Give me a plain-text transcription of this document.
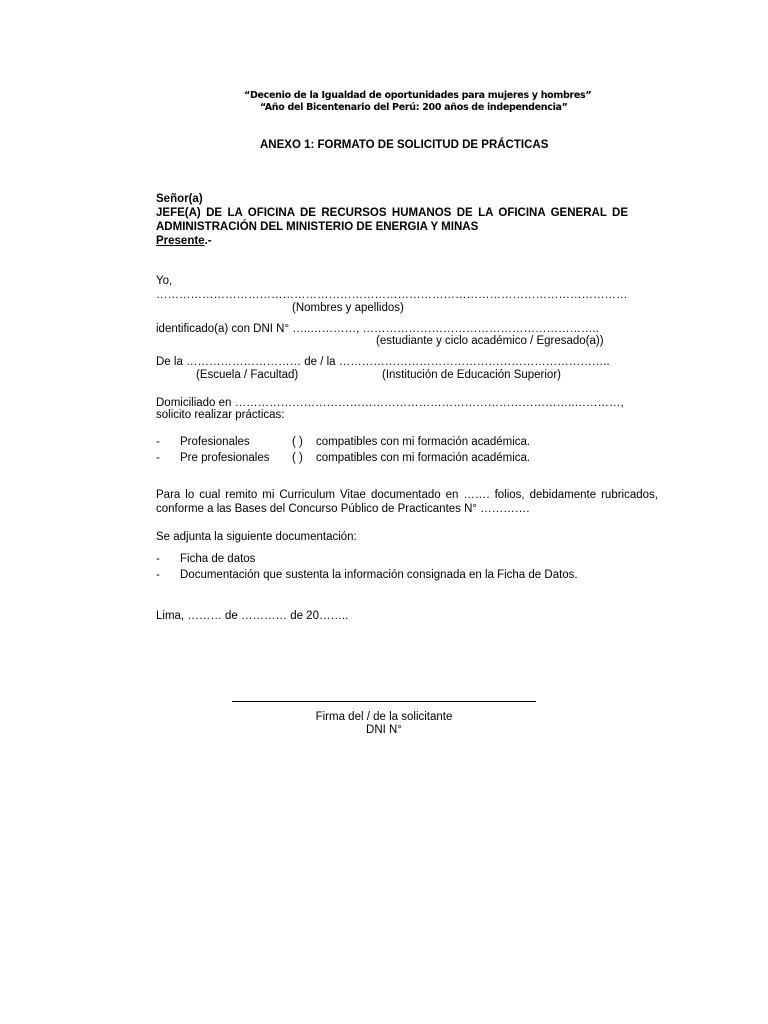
“Decenio de la Igualdad de oportunidades para mujeres y hombres”
“Año del Bicentenario del Perú: 200 años de independencia”
ANEXO 1: FORMATO DE SOLICITUD DE PRÁCTICAS
Señor(a)
JEFE(A) DE LA OFICINA DE RECURSOS HUMANOS DE LA OFICINA GENERAL DE
ADMINISTRACIÓN DEL MINISTERIO DE ENERGIA Y MINAS
Presente.-
Yo,
……………………………………………………………………………………………………………
(Nombres y apellidos)
identificado(a) con DNI N° …..…………, ……………………………………………………..
(estudiante y ciclo académico / Egresado(a))
De la ………………………… de / la ……………………………………………………………..
(Escuela / Facultad)	(Institución de Educación Superior)
Domiciliado en ……………………………………………………………………………..…………,
solicito realizar prácticas:
- Profesionales	( ) compatibles con mi formación académica.
- Pre profesionales ( ) compatibles con mi formación académica.
Para lo cual remito mi Curriculum Vitae documentado en ……. folios, debidamente rubricados,
conforme a las Bases del Concurso Público de Practicantes N° ………….
Se adjunta la siguiente documentación:
- Ficha de datos
- Documentación que sustenta la información consignada en la Ficha de Datos.
Lima, ……… de ………… de 20……..
Firma del / de la solicitante
DNI N°
